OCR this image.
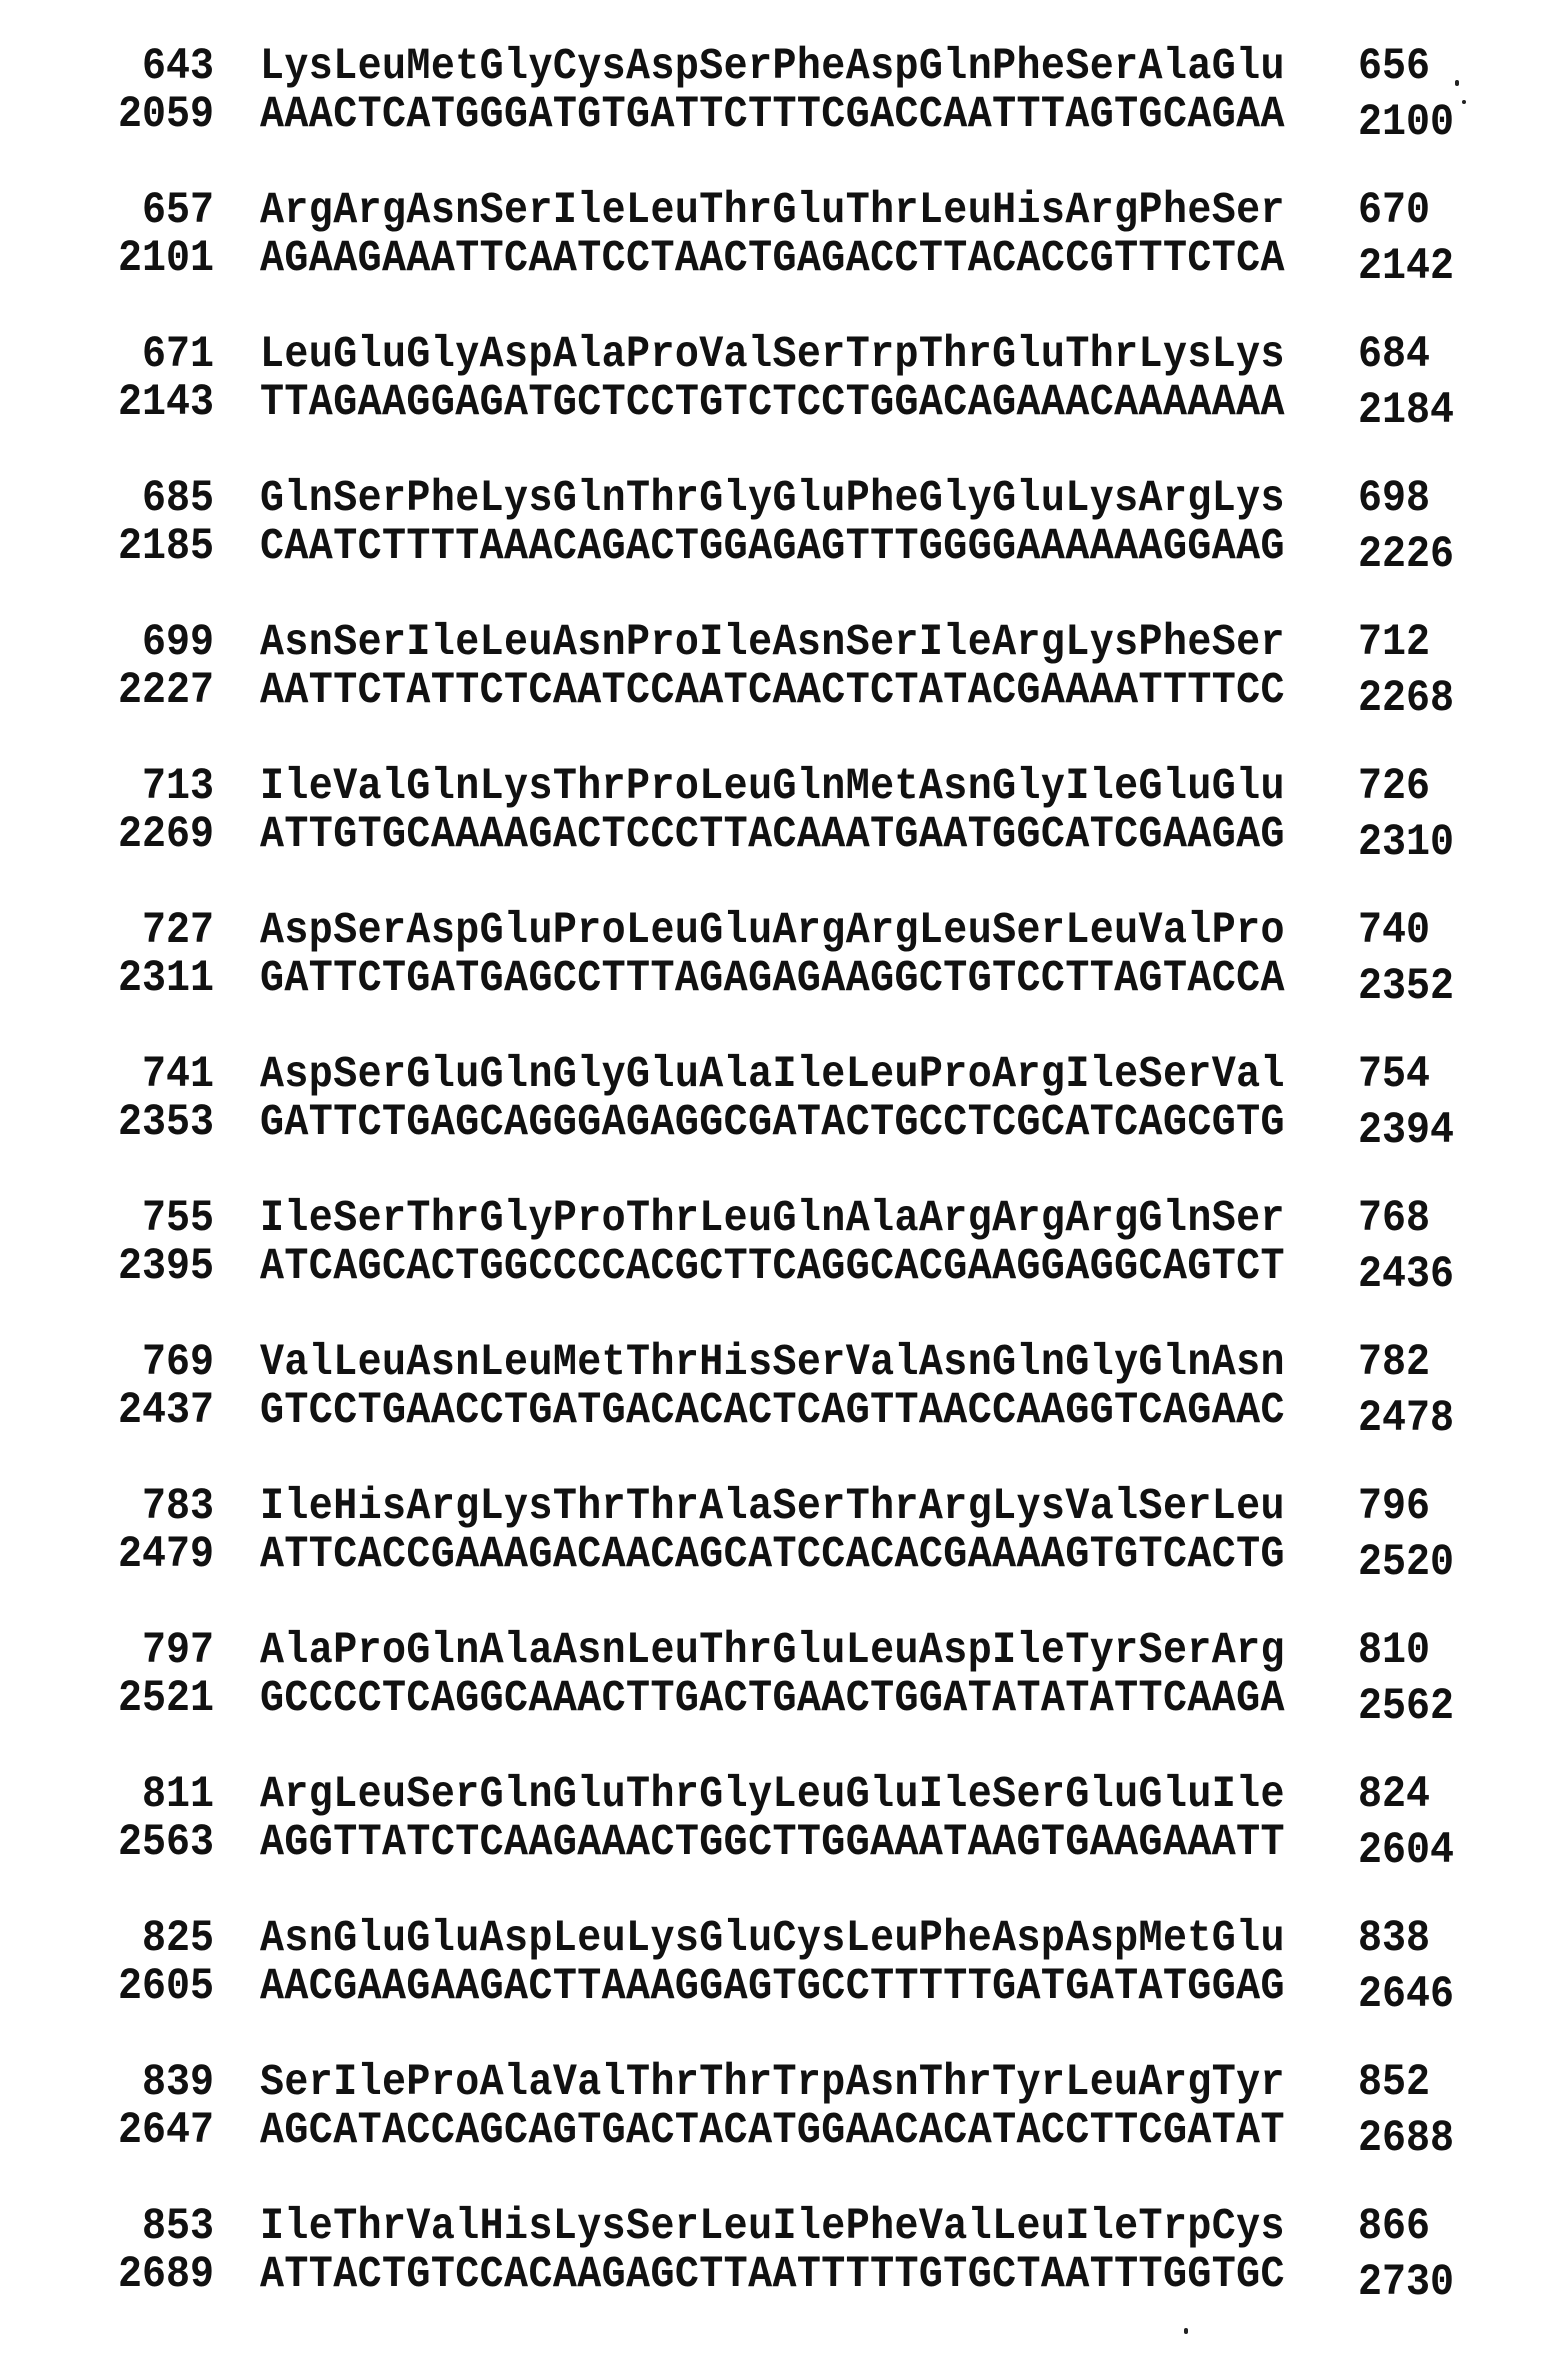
643 LysLeuMetGlyCysAspSerPheAspGlnPheSerAlaGlu 656
2059 AAACTCATGGGATGTGATTCTTTCGACCAATTTAGTGCAGAA 2100
657 ArgArgAsnSerIleLeuThrGluThrLeuHisArgPheSer 670
2101 AGAAGAAATTCAATCCTAACTGAGACCTTACACCGTTTCTCA 2142
671 LeuGluGlyAspAlaProValSerTrpThrGluThrLysLys 684
2143 TTAGAAGGAGATGCTCCTGTCTCCTGGACAGAAACAAAAAAA 2184
685 GlnSerPheLysGlnThrGlyGluPheGlyGluLysArgLys 698
2185 CAATCTTTTAAACAGACTGGAGAGTTTGGGGAAAAAAGGAAG 2226
699 AsnSerIleLeuAsnProIleAsnSerIleArgLysPheSer 712
2227 AATTCTATTCTCAATCCAATCAACTCTATACGAAAATTTTCC 2268
713 IleValGlnLysThrProLeuGlnMetAsnGlyIleGluGlu 726
2269 ATTGTGCAAAAGACTCCCTTACAAATGAATGGCATCGAAGAG 2310
727 AspSerAspGluProLeuGluArgArgLeuSerLeuValPro 740
2311 GATTCTGATGAGCCTTTAGAGAGAAGGCTGTCCTTAGTACCA 2352
741 AspSerGluGlnGlyGluAlaIleLeuProArgIleSerVal 754
2353 GATTCTGAGCAGGGAGAGGCGATACTGCCTCGCATCAGCGTG 2394
755 IleSerThrGlyProThrLeuGlnAlaArgArgArgGlnSer 768
2395 ATCAGCACTGGCCCCACGCTTCAGGCACGAAGGAGGCAGTCT 2436
769 ValLeuAsnLeuMetThrHisSerValAsnGlnGlyGlnAsn 782
2437 GTCCTGAACCTGATGACACACTCAGTTAACCAAGGTCAGAAC 2478
783 IleHisArgLysThrThrAlaSerThrArgLysValSerLeu 796
2479 ATTCACCGAAAGACAACAGCATCCACACGAAAAGTGTCACTG 2520
797 AlaProGlnAlaAsnLeuThrGluLeuAspIleTyrSerArg 810
2521 GCCCCTCAGGCAAACTTGACTGAACTGGATATATATTCAAGA 2562
811 ArgLeuSerGlnGluThrGlyLeuGluIleSerGluGluIle 824
2563 AGGTTATCTCAAGAAACTGGCTTGGAAATAAGTGAAGAAATT 2604
825 AsnGluGluAspLeuLysGluCysLeuPheAspAspMetGlu 838
2605 AACGAAGAAGACTTAAAGGAGTGCCTTTTTGATGATATGGAG 2646
839 SerIleProAlaValThrThrTrpAsnThrTyrLeuArgTyr 852
2647 AGCATACCAGCAGTGACTACATGGAACACATACCTTCGATAT 2688
853 IleThrValHisLysSerLeuIlePheValLeuIleTrpCys 866
2689 ATTACTGTCCACAAGAGCTTAATTTTTGTGCTAATTTGGTGC 2730
